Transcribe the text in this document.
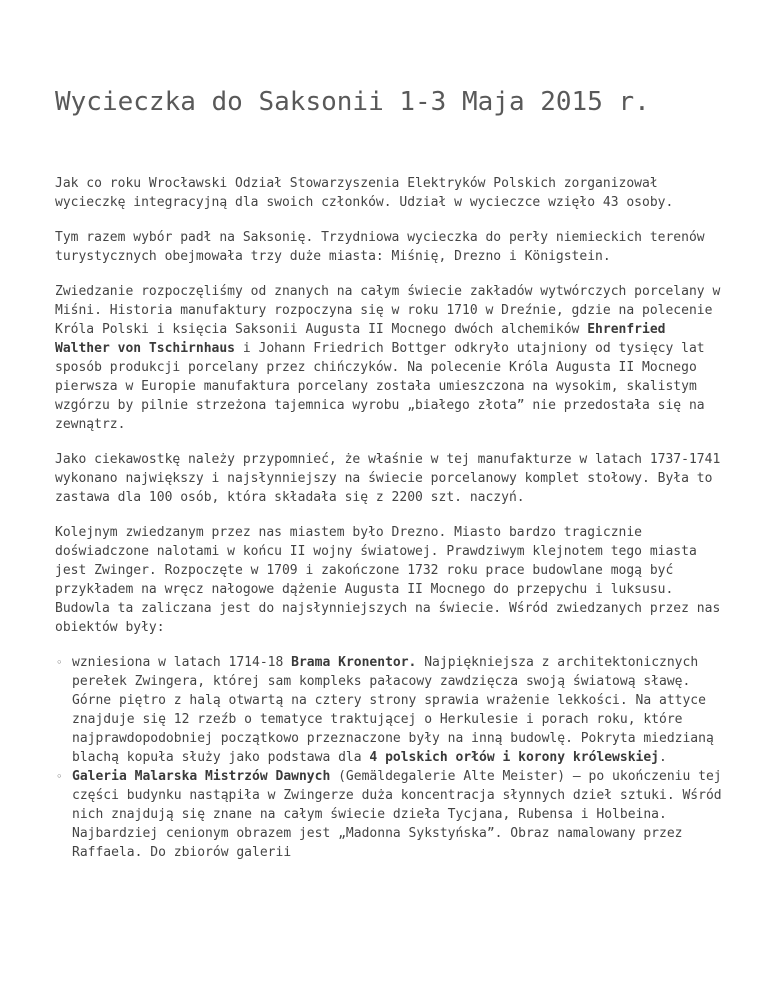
Wycieczka do Saksonii 1-3 Maja 2015 r.

Jak co roku Wrocławski Odział Stowarzyszenia Elektryków Polskich zorganizował wycieczkę integracyjną dla swoich członków. Udział w wycieczce wzięło 43 osoby.

Tym razem wybór padł na Saksonię. Trzydniowa wycieczka do perły niemieckich terenów turystycznych obejmowała trzy duże miasta: Miśnię, Drezno i Königstein.

Zwiedzanie rozpoczęliśmy od znanych na całym świecie zakładów wytwórczych porcelany w Miśni. Historia manufaktury rozpoczyna się w roku 1710 w Dreźnie, gdzie na polecenie Króla Polski i księcia Saksonii Augusta II Mocnego dwóch alchemików Ehrenfried Walther von Tschirnhaus i Johann Friedrich Bottger odkryło utajniony od tysięcy lat sposób produkcji porcelany przez chińczyków. Na polecenie Króla Augusta II Mocnego pierwsza w Europie manufaktura porcelany została umieszczona na wysokim, skalistym wzgórzu by pilnie strzeżona tajemnica wyrobu „białego złota” nie przedostała się na zewnątrz.

Jako ciekawostkę należy przypomnieć, że właśnie w tej manufakturze w latach 1737-1741 wykonano największy i najsłynniejszy na świecie porcelanowy komplet stołowy. Była to zastawa dla 100 osób, która składała się z 2200 szt. naczyń.

Kolejnym zwiedzanym przez nas miastem było Drezno. Miasto bardzo tragicznie doświadczone nalotami w końcu II wojny światowej. Prawdziwym klejnotem tego miasta jest Zwinger. Rozpoczęte w 1709 i zakończone 1732 roku prace budowlane mogą być przykładem na wręcz nałogowe dążenie Augusta II Mocnego do przepychu i luksusu. Budowla ta zaliczana jest do najsłynniejszych na świecie. Wśród zwiedzanych przez nas obiektów były:

◦ wzniesiona w latach 1714-18 Brama Kronentor. Najpiękniejsza z architektonicznych perełek Zwingera, której sam kompleks pałacowy zawdzięcza swoją światową sławę. Górne piętro z halą otwartą na cztery strony sprawia wrażenie lekkości. Na attyce znajduje się 12 rzeźb o tematyce traktującej o Herkulesie i porach roku, które najprawdopodobniej początkowo przeznaczone były na inną budowlę. Pokryta miedzianą blachą kopuła służy jako podstawa dla 4 polskich orłów i korony królewskiej.
◦ Galeria Malarska Mistrzów Dawnych (Gemäldegalerie Alte Meister) – po ukończeniu tej części budynku nastąpiła w Zwingerze duża koncentracja słynnych dzieł sztuki. Wśród nich znajdują się znane na całym świecie dzieła Tycjana, Rubensa i Holbeina. Najbardziej cenionym obrazem jest „Madonna Sykstyńska”. Obraz namalowany przez Raffaela. Do zbiorów galerii
